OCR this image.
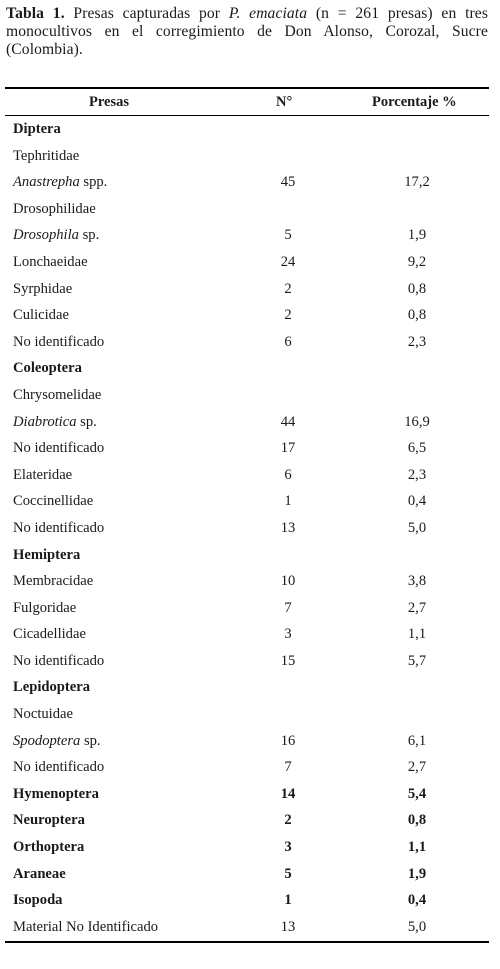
Tabla 1. Presas capturadas por P. emaciata (n = 261 presas) en tres monocultivos en el corregimiento de Don Alonso, Corozal, Sucre (Colombia).
Presas	N°	Porcentaje %
Diptera
Tephritidae
Anastrepha spp.	45	17,2
Drosophilidae
Drosophila sp.	5	1,9
Lonchaeidae	24	9,2
Syrphidae	2	0,8
Culicidae	2	0,8
No identificado	6	2,3
Coleoptera
Chrysomelidae
Diabrotica sp.	44	16,9
No identificado	17	6,5
Elateridae	6	2,3
Coccinellidae	1	0,4
No identificado	13	5,0
Hemiptera
Membracidae	10	3,8
Fulgoridae	7	2,7
Cicadellidae	3	1,1
No identificado	15	5,7
Lepidoptera
Noctuidae
Spodoptera sp.	16	6,1
No identificado	7	2,7
Hymenoptera	14	5,4
Neuroptera	2	0,8
Orthoptera	3	1,1
Araneae	5	1,9
Isopoda	1	0,4
Material No Identificado	13	5,0
